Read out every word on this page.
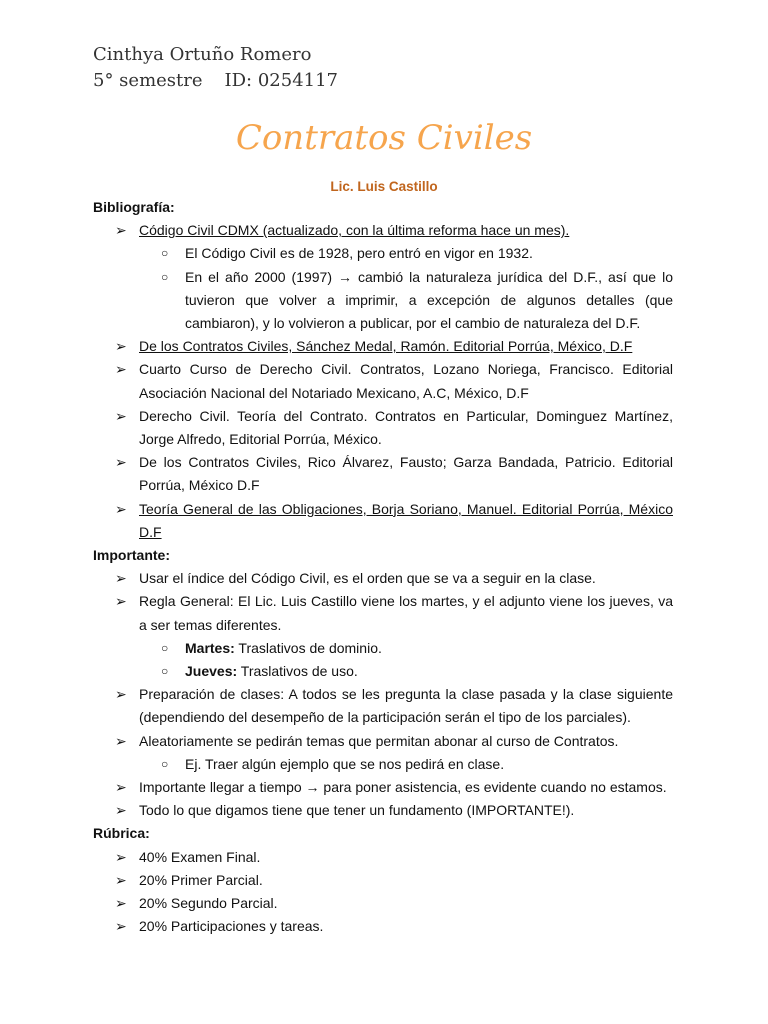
Cinthya Ortuño Romero
5° semestre ID: 0254117
Contratos Civiles
Lic. Luis Castillo
Bibliografía:
➢ Código Civil CDMX (actualizado, con la última reforma hace un mes).
○ El Código Civil es de 1928, pero entró en vigor en 1932.
○ En el año 2000 (1997) → cambió la naturaleza jurídica del D.F., así que lo tuvieron que volver a imprimir, a excepción de algunos detalles (que cambiaron), y lo volvieron a publicar, por el cambio de naturaleza del D.F.
➢ De los Contratos Civiles, Sánchez Medal, Ramón. Editorial Porrúa, México, D.F
➢ Cuarto Curso de Derecho Civil. Contratos, Lozano Noriega, Francisco. Editorial Asociación Nacional del Notariado Mexicano, A.C, México, D.F
➢ Derecho Civil. Teoría del Contrato. Contratos en Particular, Dominguez Martínez, Jorge Alfredo, Editorial Porrúa, México.
➢ De los Contratos Civiles, Rico Álvarez, Fausto; Garza Bandada, Patricio. Editorial Porrúa, México D.F
➢ Teoría General de las Obligaciones, Borja Soriano, Manuel. Editorial Porrúa, México D.F
Importante:
➢ Usar el índice del Código Civil, es el orden que se va a seguir en la clase.
➢ Regla General: El Lic. Luis Castillo viene los martes, y el adjunto viene los jueves, va a ser temas diferentes.
○ Martes: Traslativos de dominio.
○ Jueves: Traslativos de uso.
➢ Preparación de clases: A todos se les pregunta la clase pasada y la clase siguiente (dependiendo del desempeño de la participación serán el tipo de los parciales).
➢ Aleatoriamente se pedirán temas que permitan abonar al curso de Contratos.
○ Ej. Traer algún ejemplo que se nos pedirá en clase.
➢ Importante llegar a tiempo → para poner asistencia, es evidente cuando no estamos.
➢ Todo lo que digamos tiene que tener un fundamento (IMPORTANTE!).
Rúbrica:
➢ 40% Examen Final.
➢ 20% Primer Parcial.
➢ 20% Segundo Parcial.
➢ 20% Participaciones y tareas.
